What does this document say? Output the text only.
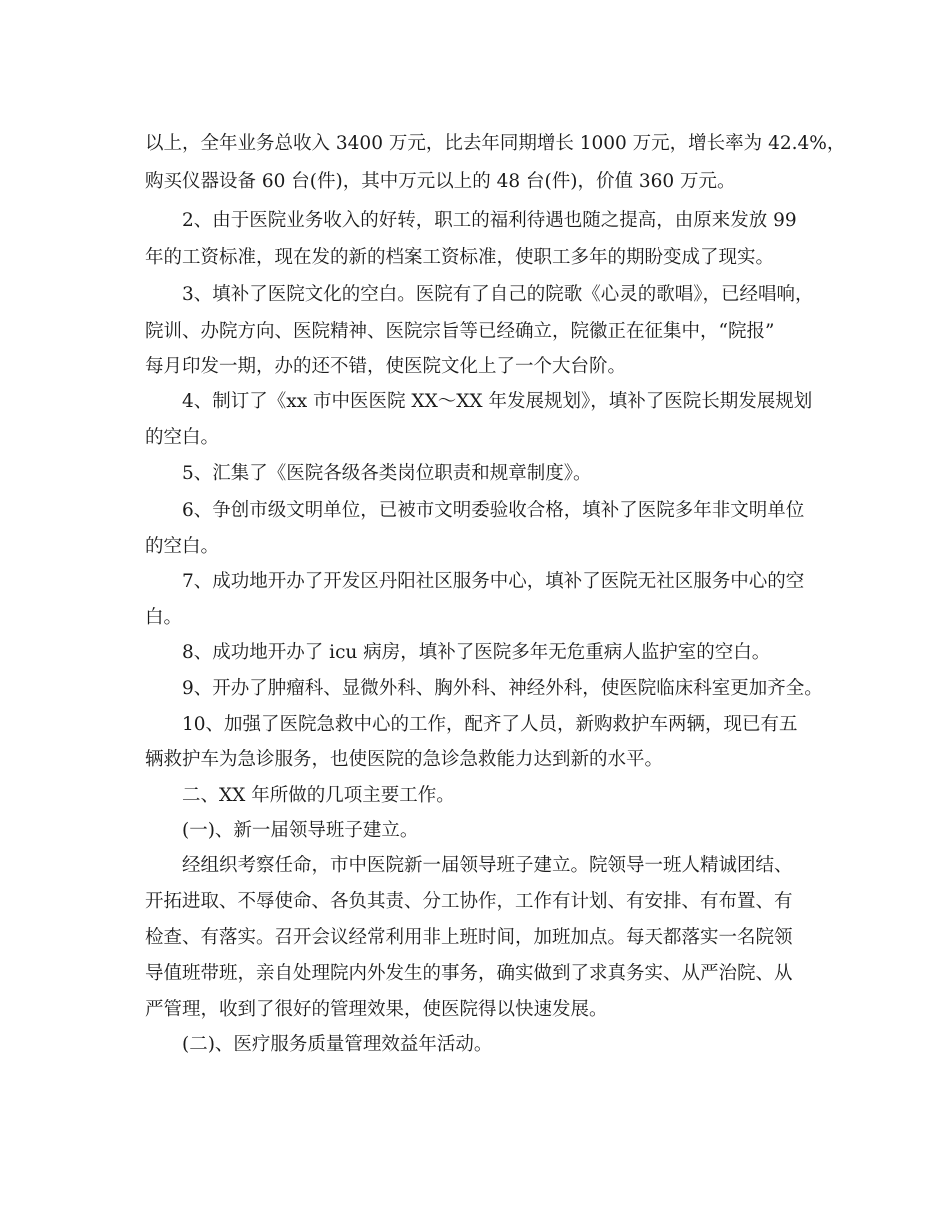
以上，全年业务总收入 3400 万元，比去年同期增长 1000 万元，增长率为 42.4%，
购买仪器设备 60 台(件)，其中万元以上的 48 台(件)，价值 360 万元。
2、由于医院业务收入的好转，职工的福利待遇也随之提高，由原来发放 99
年的工资标准，现在发的新的档案工资标准，使职工多年的期盼变成了现实。
3、填补了医院文化的空白。医院有了自己的院歌《心灵的歌唱》，已经唱响，
院训、办院方向、医院精神、医院宗旨等已经确立，院徽正在征集中，“院报”
每月印发一期，办的还不错，使医院文化上了一个大台阶。
4、制订了《xx 市中医医院 XX～XX 年发展规划》，填补了医院长期发展规划
的空白。
5、汇集了《医院各级各类岗位职责和规章制度》。
6、争创市级文明单位，已被市文明委验收合格，填补了医院多年非文明单位
的空白。
7、成功地开办了开发区丹阳社区服务中心，填补了医院无社区服务中心的空
白。
8、成功地开办了 icu 病房，填补了医院多年无危重病人监护室的空白。
9、开办了肿瘤科、显微外科、胸外科、神经外科，使医院临床科室更加齐全。
10、加强了医院急救中心的工作，配齐了人员，新购救护车两辆，现已有五
辆救护车为急诊服务，也使医院的急诊急救能力达到新的水平。
二、XX 年所做的几项主要工作。
(一)、新一届领导班子建立。
经组织考察任命，市中医院新一届领导班子建立。院领导一班人精诚团结、
开拓进取、不辱使命、各负其责、分工协作，工作有计划、有安排、有布置、有
检查、有落实。召开会议经常利用非上班时间，加班加点。每天都落实一名院领
导值班带班，亲自处理院内外发生的事务，确实做到了求真务实、从严治院、从
严管理，收到了很好的管理效果，使医院得以快速发展。
(二)、医疗服务质量管理效益年活动。
